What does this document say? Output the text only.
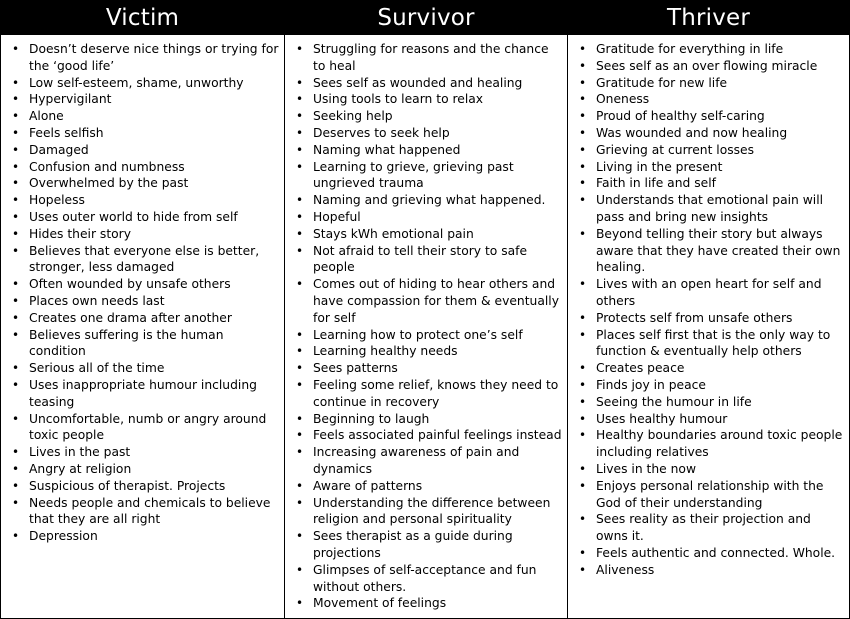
Victim
• Doesn’t deserve nice things or trying for the ‘good life’
• Low self-esteem, shame, unworthy
• Hypervigilant
• Alone
• Feels selfish
• Damaged
• Confusion and numbness
• Overwhelmed by the past
• Hopeless
• Uses outer world to hide from self
• Hides their story
• Believes that everyone else is better, stronger, less damaged
• Often wounded by unsafe others
• Places own needs last
• Creates one drama after another
• Believes suffering is the human condition
• Serious all of the time
• Uses inappropriate humour including teasing
• Uncomfortable, numb or angry around toxic people
• Lives in the past
• Angry at religion
• Suspicious of therapist. Projects
• Needs people and chemicals to believe that they are all right
• Depression
Survivor
• Struggling for reasons and the chance to heal
• Sees self as wounded and healing
• Using tools to learn to relax
• Seeking help
• Deserves to seek help
• Naming what happened
• Learning to grieve, grieving past ungrieved trauma
• Naming and grieving what happened.
• Hopeful
• Stays kWh emotional pain
• Not afraid to tell their story to safe people
• Comes out of hiding to hear others and have compassion for them & eventually for self
• Learning how to protect one’s self
• Learning healthy needs
• Sees patterns
• Feeling some relief, knows they need to continue in recovery
• Beginning to laugh
• Feels associated painful feelings instead
• Increasing awareness of pain and dynamics
• Aware of patterns
• Understanding the difference between religion and personal spirituality
• Sees therapist as a guide during projections
• Glimpses of self-acceptance and fun without others.
• Movement of feelings
Thriver
• Gratitude for everything in life
• Sees self as an over flowing miracle
• Gratitude for new life
• Oneness
• Proud of healthy self-caring
• Was wounded and now healing
• Grieving at current losses
• Living in the present
• Faith in life and self
• Understands that emotional pain will pass and bring new insights
• Beyond telling their story but always aware that they have created their own healing.
• Lives with an open heart for self and others
• Protects self from unsafe others
• Places self first that is the only way to function & eventually help others
• Creates peace
• Finds joy in peace
• Seeing the humour in life
• Uses healthy humour
• Healthy boundaries around toxic people including relatives
• Lives in the now
• Enjoys personal relationship with the God of their understanding
• Sees reality as their projection and owns it.
• Feels authentic and connected. Whole.
• Aliveness
